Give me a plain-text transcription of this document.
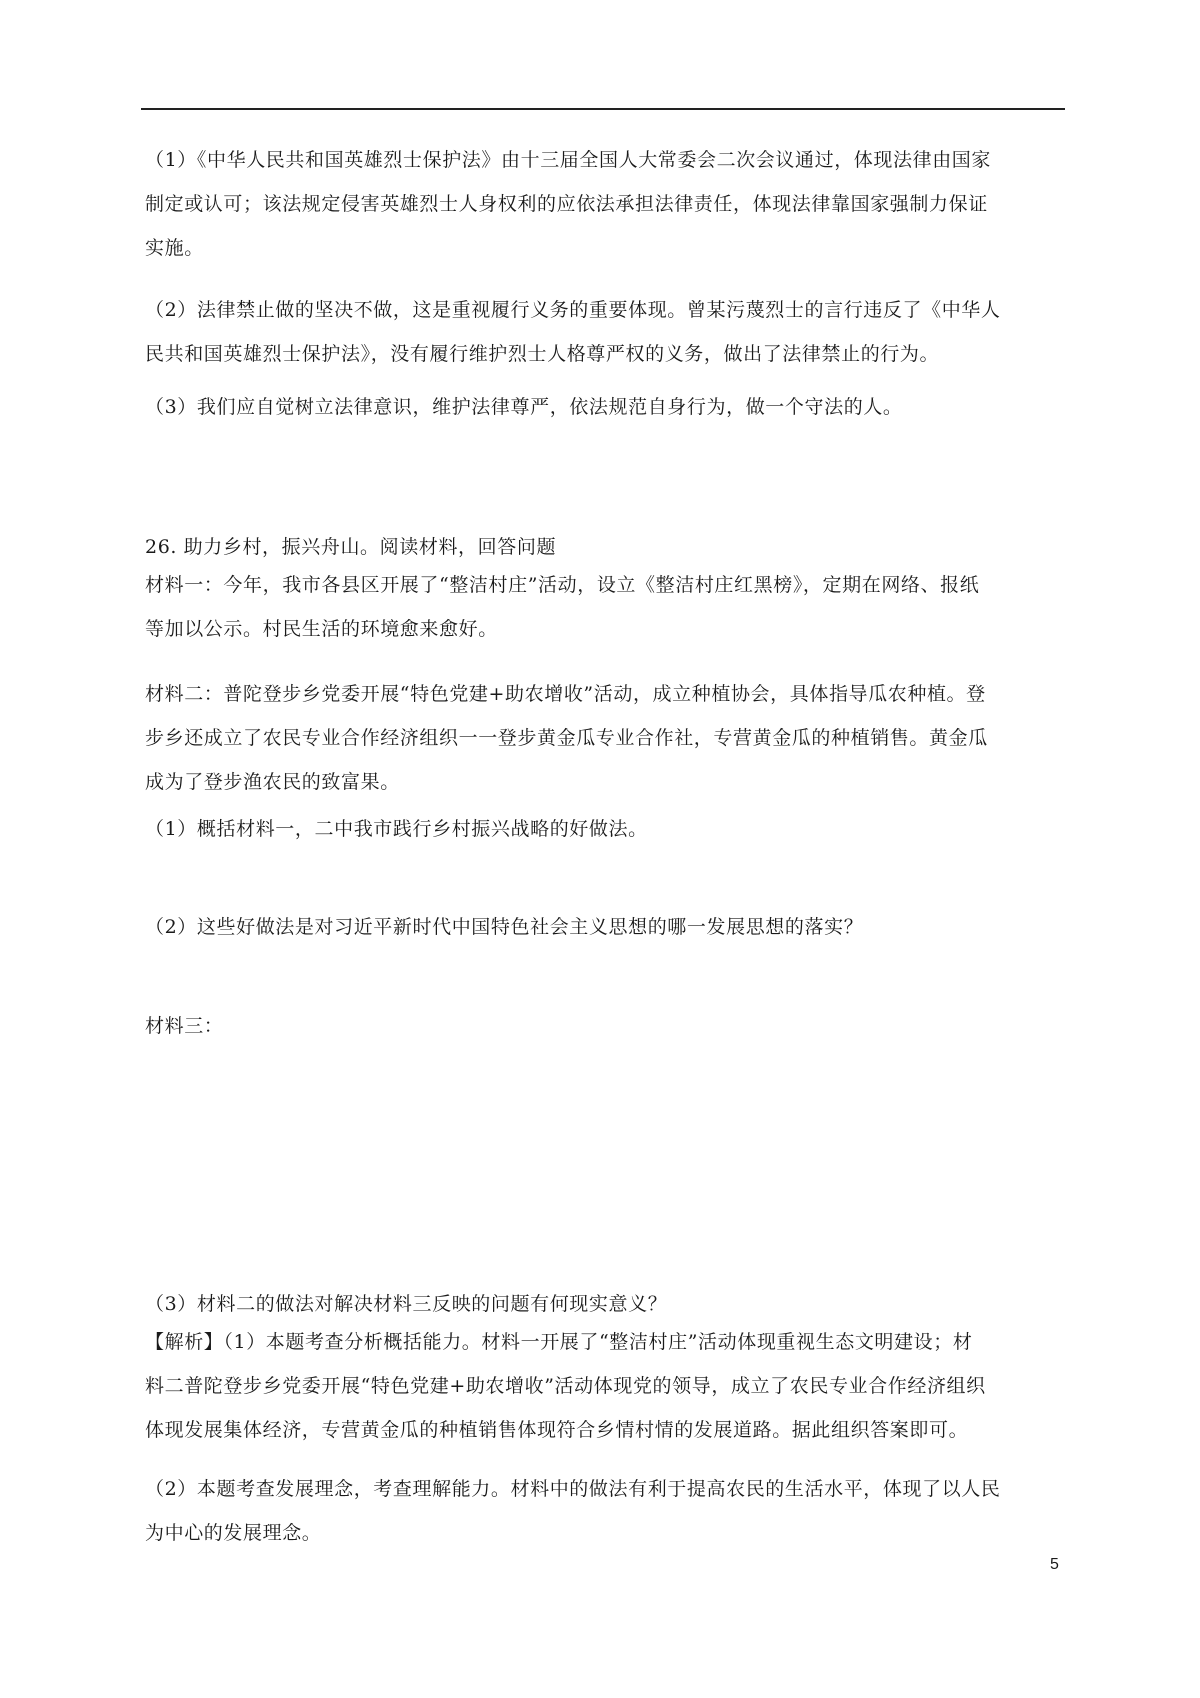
（1）《中华人民共和国英雄烈士保护法》由十三届全国人大常委会二次会议通过，体现法律由国家
制定或认可；该法规定侵害英雄烈士人身权利的应依法承担法律责任，体现法律靠国家强制力保证
实施。
（2）法律禁止做的坚决不做，这是重视履行义务的重要体现。曾某污蔑烈士的言行违反了《中华人
民共和国英雄烈士保护法》，没有履行维护烈士人格尊严权的义务，做出了法律禁止的行为。
（3）我们应自觉树立法律意识，维护法律尊严，依法规范自身行为，做一个守法的人。
26. 助力乡村，振兴舟山。阅读材料，回答问题
材料一：今年，我市各县区开展了“整洁村庄”活动，设立《整洁村庄红黑榜》，定期在网络、报纸
等加以公示。村民生活的环境愈来愈好。
材料二：普陀登步乡党委开展“特色党建+助农增收”活动，成立种植协会，具体指导瓜农种植。登
步乡还成立了农民专业合作经济组织一一登步黄金瓜专业合作社，专营黄金瓜的种植销售。黄金瓜
成为了登步渔农民的致富果。
（1）概括材料一，二中我市践行乡村振兴战略的好做法。
（2）这些好做法是对习近平新时代中国特色社会主义思想的哪一发展思想的落实？
材料三：
（3）材料二的做法对解决材料三反映的问题有何现实意义？
【解析】（1）本题考查分析概括能力。材料一开展了“整洁村庄”活动体现重视生态文明建设；材
料二普陀登步乡党委开展“特色党建+助农增收”活动体现党的领导，成立了农民专业合作经济组织
体现发展集体经济，专营黄金瓜的种植销售体现符合乡情村情的发展道路。据此组织答案即可。
（2）本题考查发展理念，考查理解能力。材料中的做法有利于提高农民的生活水平，体现了以人民
为中心的发展理念。
5
